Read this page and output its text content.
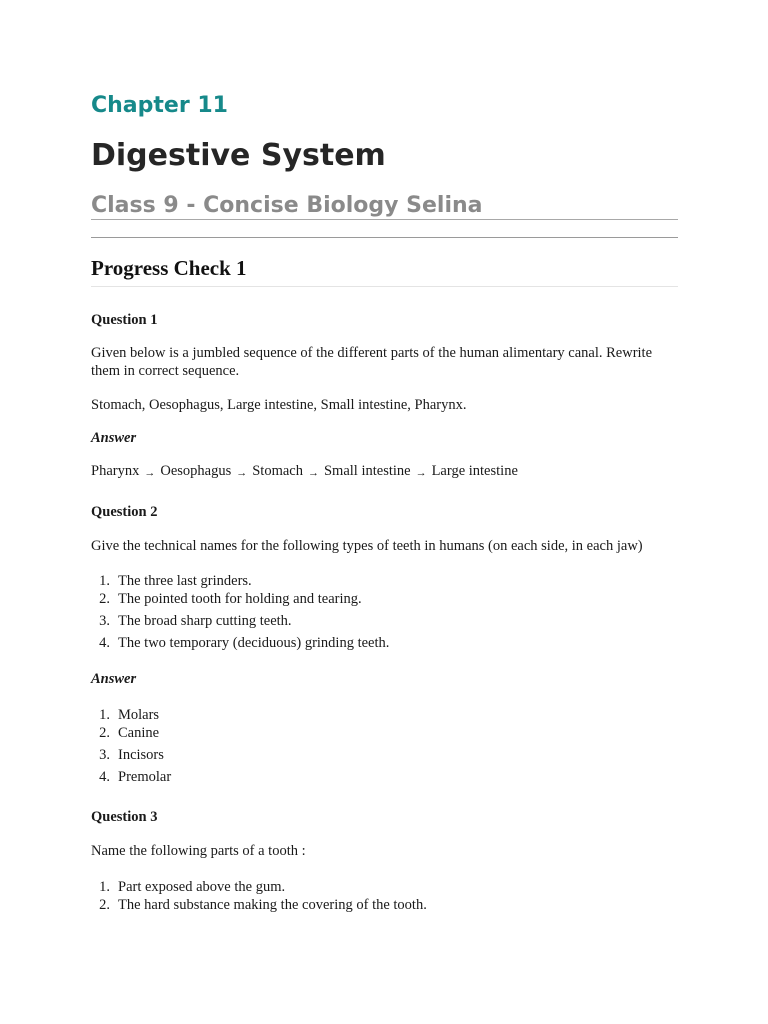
Chapter 11
Digestive System
Class 9 - Concise Biology Selina
Progress Check 1

Question 1

Given below is a jumbled sequence of the different parts of the human alimentary canal. Rewrite them in correct sequence.

Stomach, Oesophagus, Large intestine, Small intestine, Pharynx.

Answer

Pharynx → Oesophagus → Stomach → Small intestine → Large intestine

Question 2

Give the technical names for the following types of teeth in humans (on each side, in each jaw)

1. The three last grinders.
2. The pointed tooth for holding and tearing.
3. The broad sharp cutting teeth.
4. The two temporary (deciduous) grinding teeth.

Answer

1. Molars
2. Canine
3. Incisors
4. Premolar

Question 3

Name the following parts of a tooth :

1. Part exposed above the gum.
2. The hard substance making the covering of the tooth.
